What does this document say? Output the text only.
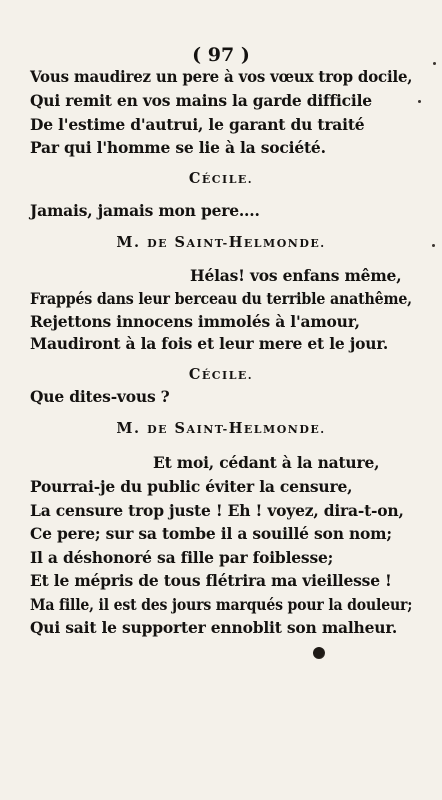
( 97 )
Vous maudirez un pere à vos vœux trop docile,
Qui remit en vos mains la garde difficile
De l'estime d'autrui, le garant du traité
Par qui l'homme se lie à la société.
CÉCILE.
Jamais, jamais mon pere....
M. DE SAINT-HELMONDE.
Hélas! vos enfans même,
Frappés dans leur berceau du terrible anathême,
Rejettons innocens immolés à l'amour,
Maudiront à la fois et leur mere et le jour.
CÉCILE.
Que dites-vous ?
M. DE SAINT-HELMONDE.
Et moi, cédant à la nature,
Pourrai-je du public éviter la censure,
La censure trop juste ! Eh ! voyez, dira-t-on,
Ce pere; sur sa tombe il a souillé son nom;
Il a déshonoré sa fille par foiblesse;
Et le mépris de tous flétrira ma vieillesse !
Ma fille, il est des jours marqués pour la douleur;
Qui sait le supporter ennoblit son malheur.
